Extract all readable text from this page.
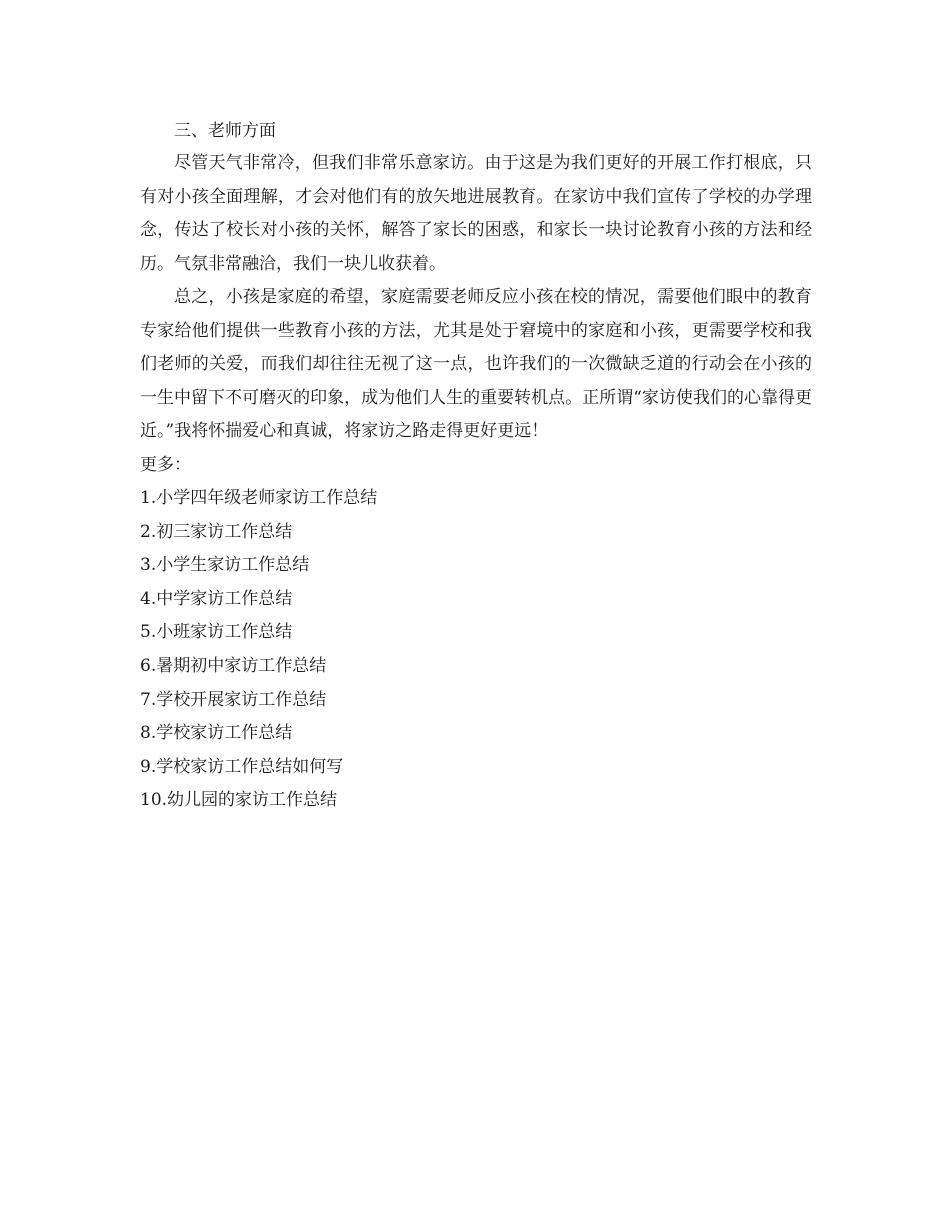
三、老师方面

尽管天气非常冷，但我们非常乐意家访。由于这是为我们更好的开展工作打根底，只有对小孩全面理解，才会对他们有的放矢地进展教育。在家访中我们宣传了学校的办学理念，传达了校长对小孩的关怀，解答了家长的困惑，和家长一块讨论教育小孩的方法和经历。气氛非常融洽，我们一块儿收获着。

总之，小孩是家庭的希望，家庭需要老师反应小孩在校的情况，需要他们眼中的教育专家给他们提供一些教育小孩的方法，尤其是处于窘境中的家庭和小孩，更需要学校和我们老师的关爱，而我们却往往无视了这一点，也许我们的一次微缺乏道的行动会在小孩的一生中留下不可磨灭的印象，成为他们人生的重要转机点。正所谓“家访使我们的心靠得更近。”我将怀揣爱心和真诚，将家访之路走得更好更远！

更多：

1.小学四年级老师家访工作总结
2.初三家访工作总结
3.小学生家访工作总结
4.中学家访工作总结
5.小班家访工作总结
6.暑期初中家访工作总结
7.学校开展家访工作总结
8.学校家访工作总结
9.学校家访工作总结如何写
10.幼儿园的家访工作总结
